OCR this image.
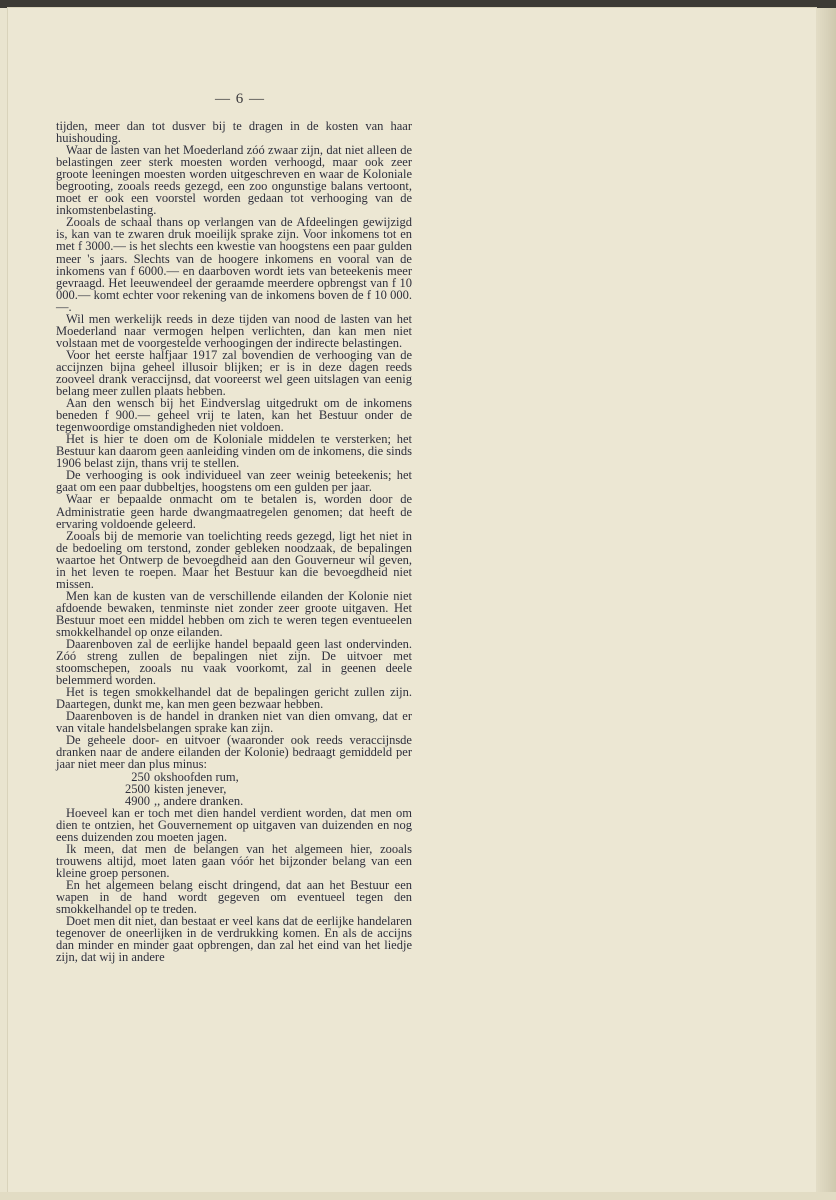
— 6 —

tijden, meer dan tot dusver bij te dragen in de kosten van haar huishouding.

Waar de lasten van het Moederland zóó zwaar zijn, dat niet alleen de belastingen zeer sterk moesten worden verhoogd, maar ook zeer groote leeningen moesten worden uitgeschreven en waar de Koloniale begrooting, zooals reeds gezegd, een zoo ongunstige balans vertoont, moet er ook een voorstel worden gedaan tot verhooging van de inkomstenbelasting.

Zooals de schaal thans op verlangen van de Afdeelingen gewijzigd is, kan van te zwaren druk moeilijk sprake zijn. Voor inkomens tot en met f 3000.— is het slechts een kwestie van hoogstens een paar gulden meer 's jaars. Slechts van de hoogere inkomens en vooral van de inkomens van f 6000.— en daarboven wordt iets van beteekenis meer gevraagd. Het leeuwendeel der geraamde meerdere opbrengst van f 10 000.— komt echter voor rekening van de inkomens boven de f 10 000.—.

Wil men werkelijk reeds in deze tijden van nood de lasten van het Moederland naar vermogen helpen verlichten, dan kan men niet volstaan met de voorgestelde verhoogingen der indirecte belastingen.

Voor het eerste halfjaar 1917 zal bovendien de verhooging van de accijnzen bijna geheel illusoir blijken; er is in deze dagen reeds zooveel drank veraccijnsd, dat vooreerst wel geen uitslagen van eenig belang meer zullen plaats hebben.

Aan den wensch bij het Eindverslag uitgedrukt om de inkomens beneden f 900.— geheel vrij te laten, kan het Bestuur onder de tegenwoordige omstandigheden niet voldoen.

Het is hier te doen om de Koloniale middelen te versterken; het Bestuur kan daarom geen aanleiding vinden om de inkomens, die sinds 1906 belast zijn, thans vrij te stellen.

De verhooging is ook individueel van zeer weinig beteekenis; het gaat om een paar dubbeltjes, hoogstens om een gulden per jaar.

Waar er bepaalde onmacht om te betalen is, worden door de Administratie geen harde dwangmaatregelen genomen; dat heeft de ervaring voldoende geleerd.

Zooals bij de memorie van toelichting reeds gezegd, ligt het niet in de bedoeling om terstond, zonder gebleken noodzaak, de bepalingen waartoe het Ontwerp de bevoegdheid aan den Gouverneur wil geven, in het leven te roepen. Maar het Bestuur kan die bevoegdheid niet missen.

Men kan de kusten van de verschillende eilanden der Kolonie niet afdoende bewaken, tenminste niet zonder zeer groote uitgaven. Het Bestuur moet een middel hebben om zich te weren tegen eventueelen smokkelhandel op onze eilanden.

Daarenboven zal de eerlijke handel bepaald geen last ondervinden. Zóó streng zullen de bepalingen niet zijn. De uitvoer met stoomschepen, zooals nu vaak voorkomt, zal in geenen deele belemmerd worden.

Het is tegen smokkelhandel dat de bepalingen gericht zullen zijn. Daartegen, dunkt me, kan men geen bezwaar hebben.

Daarenboven is de handel in dranken niet van dien omvang, dat er van vitale handelsbelangen sprake kan zijn.

De geheele door- en uitvoer (waaronder ook reeds veraccijnsde dranken naar de andere eilanden der Kolonie) bedraagt gemiddeld per jaar niet meer dan plus minus:

250 okshoofden rum,
2500 kisten jenever,
4900 ,, andere dranken.

Hoeveel kan er toch met dien handel verdient worden, dat men om dien te ontzien, het Gouvernement op uitgaven van duizenden en nog eens duizenden zou moeten jagen.

Ik meen, dat men de belangen van het algemeen hier, zooals trouwens altijd, moet laten gaan vóór het bijzonder belang van een kleine groep personen.

En het algemeen belang eischt dringend, dat aan het Bestuur een wapen in de hand wordt gegeven om eventueel tegen den smokkelhandel op te treden.

Doet men dit niet, dan bestaat er veel kans dat de eerlijke handelaren tegenover de oneerlijken in de verdrukking komen. En als de accijns dan minder en minder gaat opbrengen, dan zal het eind van het liedje zijn, dat wij in andere
